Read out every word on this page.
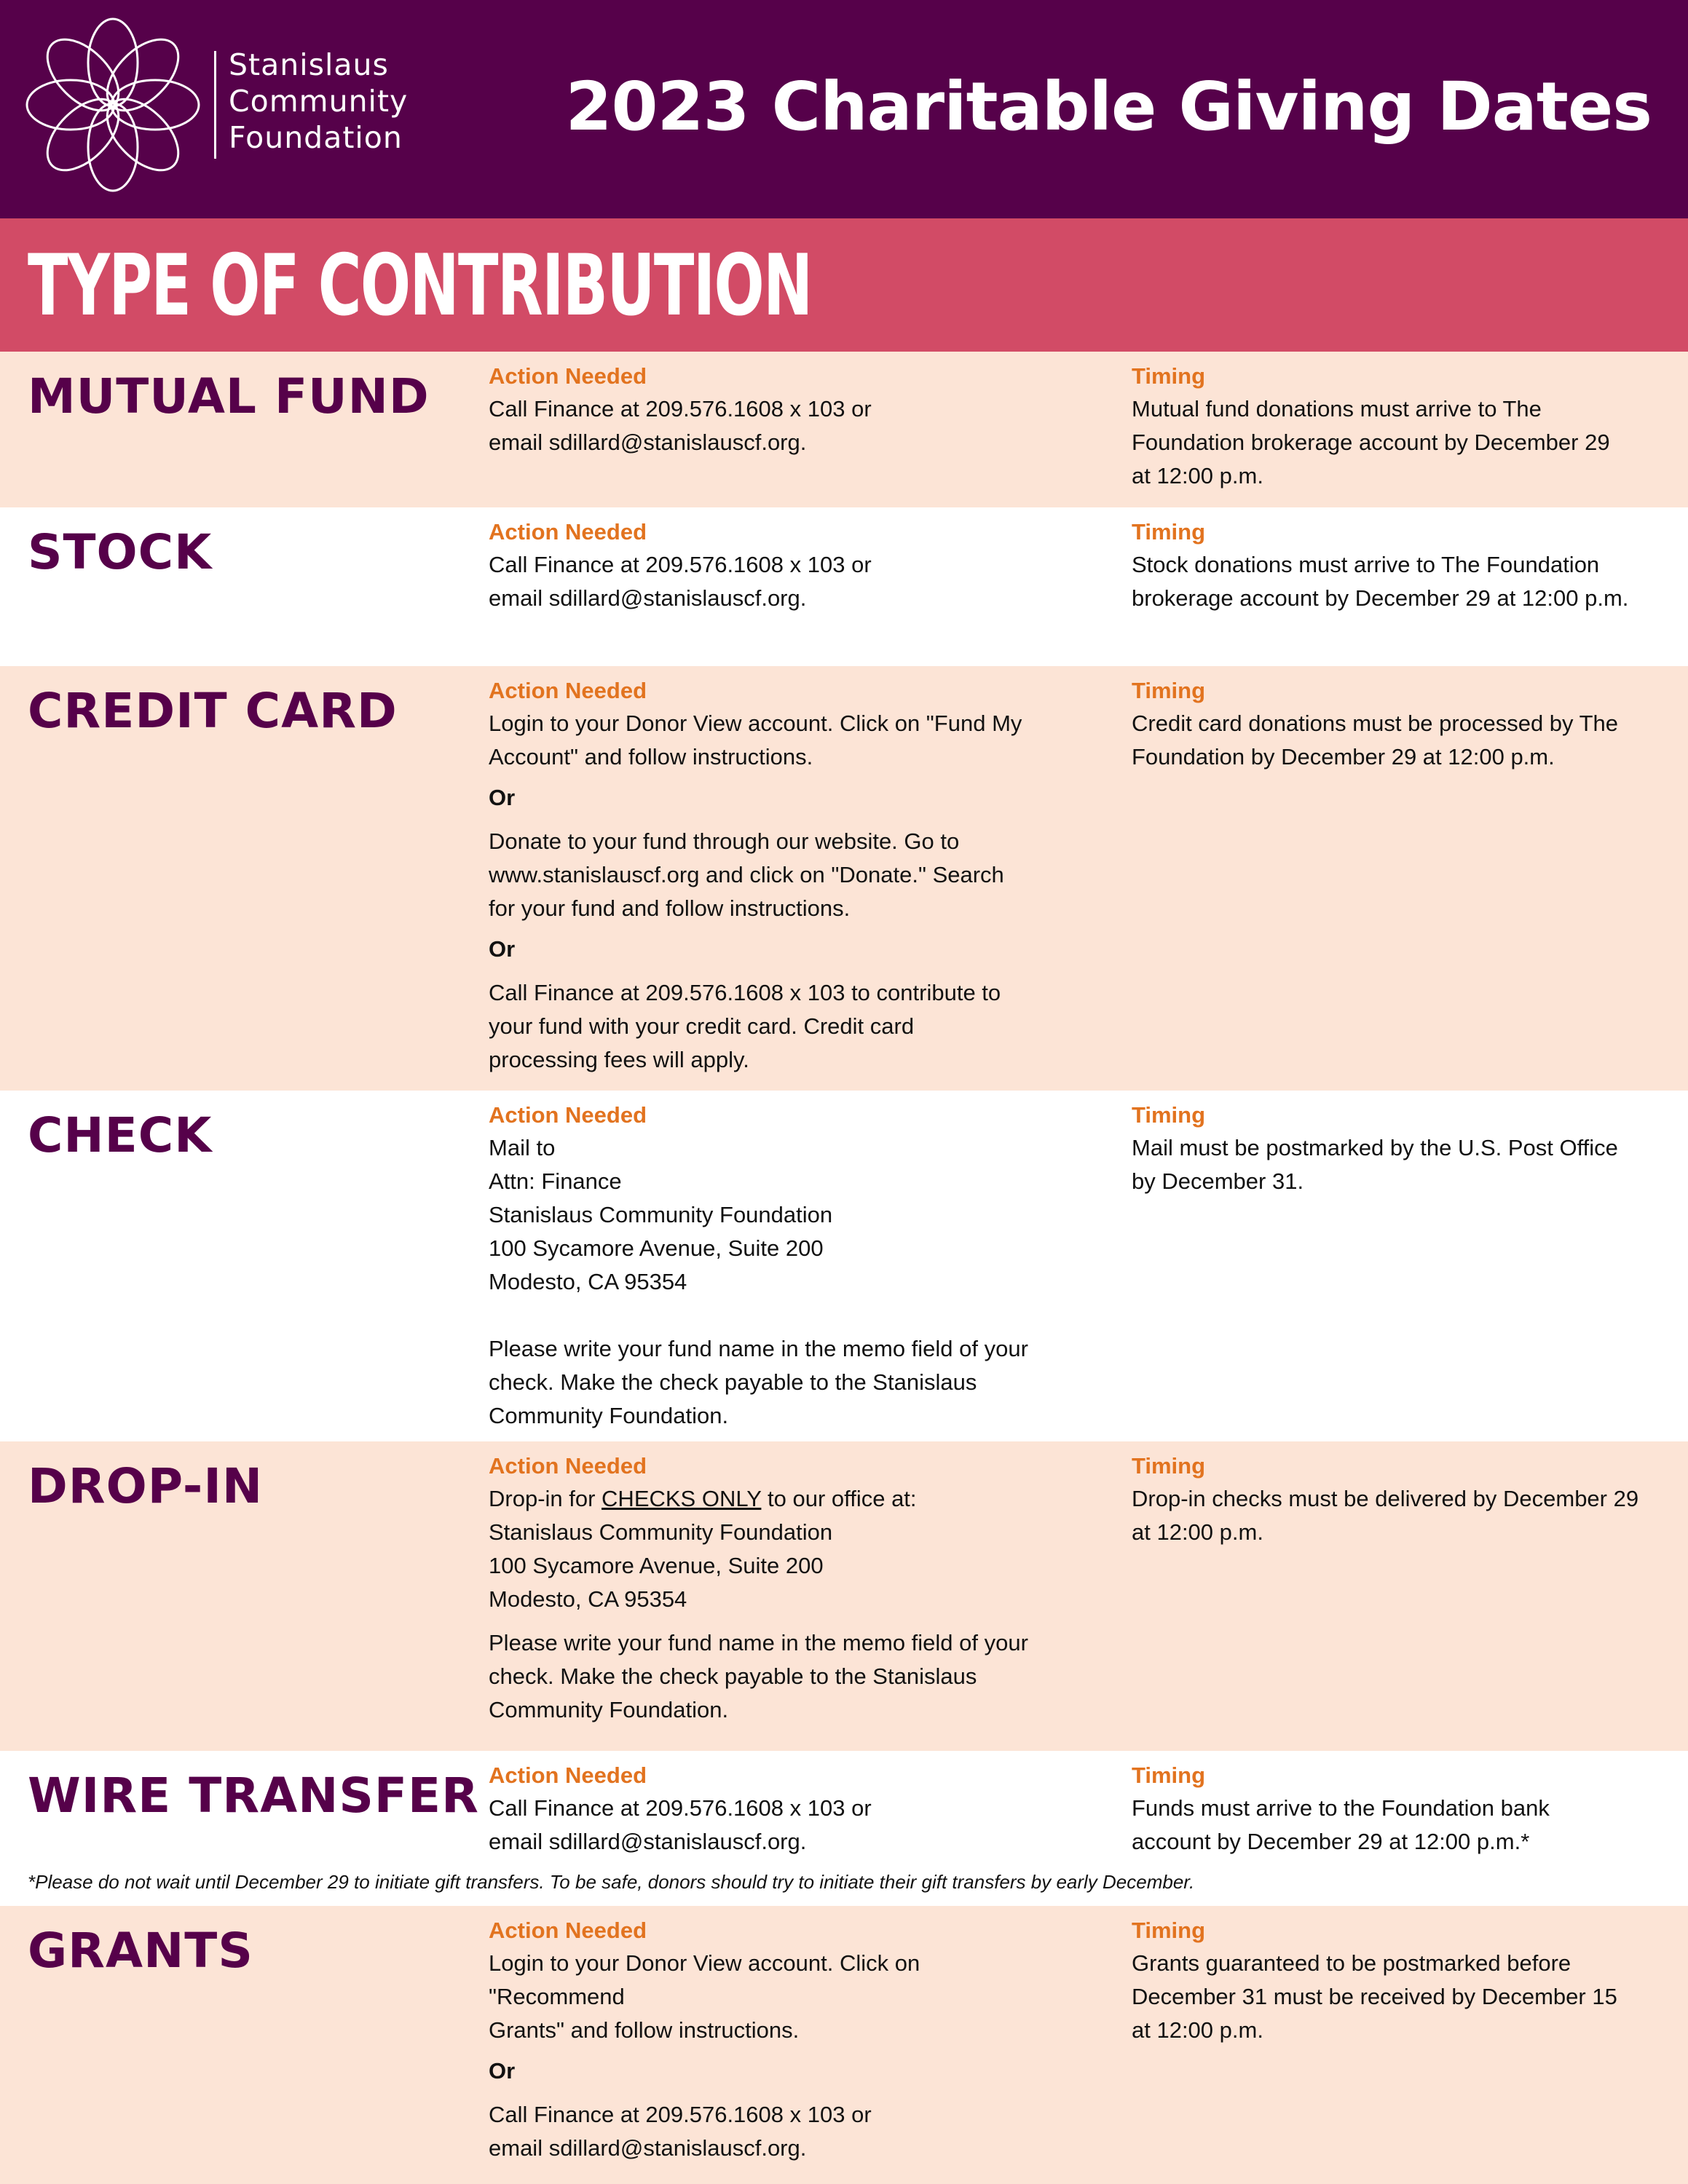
Stanislaus
Community
Foundation 2023 Charitable Giving Dates
TYPE OF CONTRIBUTION
MUTUAL FUND	Action Needed
Call Finance at 209.576.1608 x 103 or
email sdillard@stanislauscf.org.
Timing
Mutual fund donations must arrive to The
Foundation brokerage account by December 29
at 12:00 p.m.
STOCK	Action Needed
Call Finance at 209.576.1608 x 103 or
email sdillard@stanislauscf.org.
Timing
Stock donations must arrive to The Foundation
brokerage account by December 29 at 12:00 p.m.
CREDIT CARD	Action Needed
Login to your Donor View account. Click on "Fund My
Account" and follow instructions.
Or
Donate to your fund through our website. Go to
www.stanislauscf.org and click on "Donate." Search
for your fund and follow instructions.
Or
Call Finance at 209.576.1608 x 103 to contribute to
your fund with your credit card. Credit card
processing fees will apply.
Timing
Credit card donations must be processed by The
Foundation by December 29 at 12:00 p.m.
CHECK	Action Needed
Mail to
Attn: Finance
Stanislaus Community Foundation
100 Sycamore Avenue, Suite 200
Modesto, CA 95354
Please write your fund name in the memo field of your
check. Make the check payable to the Stanislaus
Community Foundation.
Timing
Mail must be postmarked by the U.S. Post Office
by December 31.
DROP-IN	Action Needed
Drop-in for CHECKS ONLY to our office at:
Stanislaus Community Foundation
100 Sycamore Avenue, Suite 200
Modesto, CA 95354
Please write your fund name in the memo field of your
check. Make the check payable to the Stanislaus
Community Foundation.
Timing
Drop-in checks must be delivered by December 29
at 12:00 p.m.
WIRE TRANSFER Action Needed
Call Finance at 209.576.1608 x 103 or
email sdillard@stanislauscf.org.
Timing
Funds must arrive to the Foundation bank
account by December 29 at 12:00 p.m.*
*Please do not wait until December 29 to initiate gift transfers. To be safe, donors should try to initiate their gift transfers by early December.
GRANTS	Action Needed
Login to your Donor View account. Click on "Recommend
Grants" and follow instructions.
Or
Call Finance at 209.576.1608 x 103 or
email sdillard@stanislauscf.org.
Timing
Grants guaranteed to be postmarked before
December 31 must be received by December 15
at 12:00 p.m.
